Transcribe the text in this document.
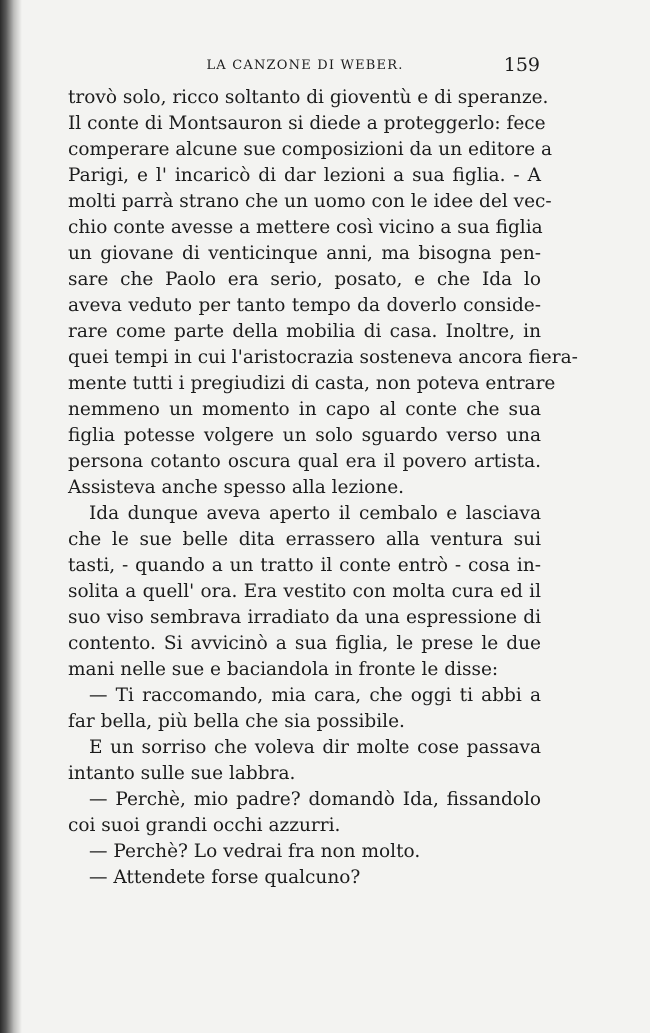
LA CANZONE DI WEBER.	159
trovò solo, ricco soltanto di gioventù e di speranze.
Il conte di Montsauron si diede a proteggerlo: fece
comperare alcune sue composizioni da un editore a
Parigi, e l' incaricò di dar lezioni a sua figlia. - A
molti parrà strano che un uomo con le idee del vec-
chio conte avesse a mettere così vicino a sua figlia
un giovane di venticinque anni, ma bisogna pen-
sare che Paolo era serio, posato, e che Ida lo
aveva veduto per tanto tempo da doverlo conside-
rare come parte della mobilia di casa. Inoltre, in
quei tempi in cui l'aristocrazia sosteneva ancora fiera-
mente tutti i pregiudizi di casta, non poteva entrare
nemmeno un momento in capo al conte che sua
figlia potesse volgere un solo sguardo verso una
persona cotanto oscura qual era il povero artista.
Assisteva anche spesso alla lezione.
Ida dunque aveva aperto il cembalo e lasciava
che le sue belle dita errassero alla ventura sui
tasti, - quando a un tratto il conte entrò - cosa in-
solita a quell' ora. Era vestito con molta cura ed il
suo viso sembrava irradiato da una espressione di
contento. Si avvicinò a sua figlia, le prese le due
mani nelle sue e baciandola in fronte le disse:
— Ti raccomando, mia cara, che oggi ti abbi a
far bella, più bella che sia possibile.
E un sorriso che voleva dir molte cose passava
intanto sulle sue labbra.
— Perchè, mio padre? domandò Ida, fissandolo
coi suoi grandi occhi azzurri.
— Perchè? Lo vedrai fra non molto.
— Attendete forse qualcuno?
